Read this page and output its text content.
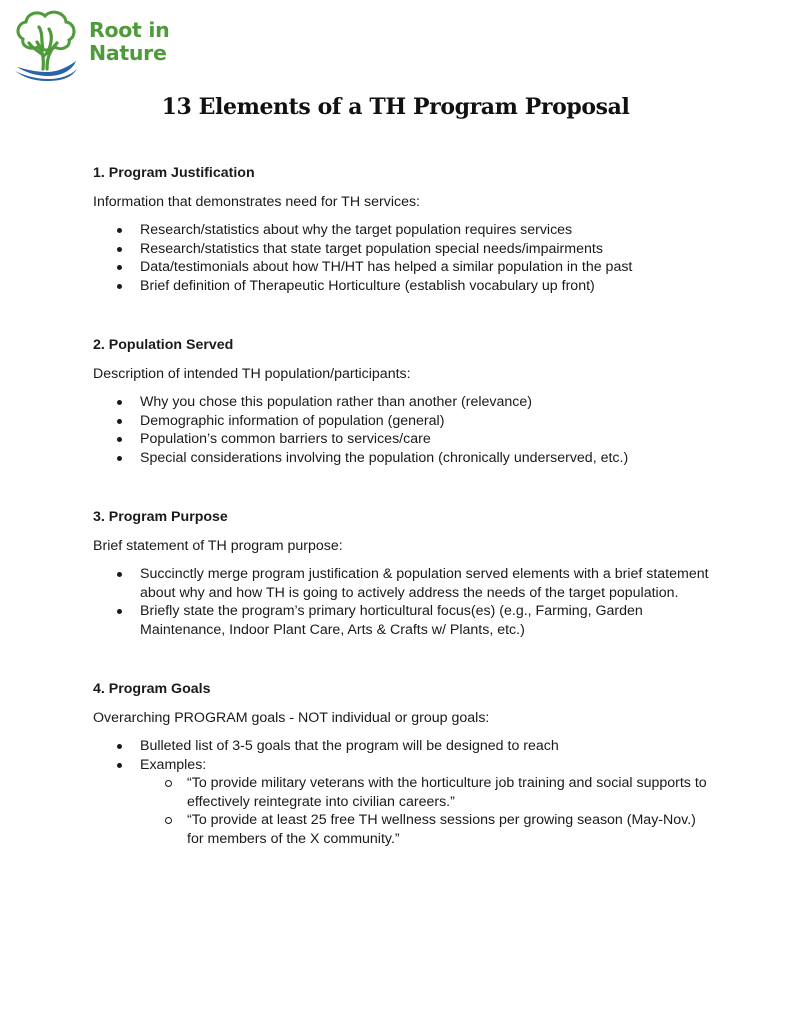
Root in
Nature
13 Elements of a TH Program Proposal
1. Program Justification

Information that demonstrates need for TH services:

Research/statistics about why the target population requires services
Research/statistics that state target population special needs/impairments
Data/testimonials about how TH/HT has helped a similar population in the past
Brief definition of Therapeutic Horticulture (establish vocabulary up front)
2. Population Served

Description of intended TH population/participants:

Why you chose this population rather than another (relevance)
Demographic information of population (general)
Population’s common barriers to services/care
Special considerations involving the population (chronically underserved, etc.)
3. Program Purpose

Brief statement of TH program purpose:

Succinctly merge program justification & population served elements with a brief statement about why and how TH is going to actively address the needs of the target population.
Briefly state the program’s primary horticultural focus(es) (e.g., Farming, Garden Maintenance, Indoor Plant Care, Arts & Crafts w/ Plants, etc.)
4. Program Goals

Overarching PROGRAM goals - NOT individual or group goals:

Bulleted list of 3-5 goals that the program will be designed to reach
Examples:
“To provide military veterans with the horticulture job training and social supports to effectively reintegrate into civilian careers.”
“To provide at least 25 free TH wellness sessions per growing season (May-Nov.) for members of the X community.”
